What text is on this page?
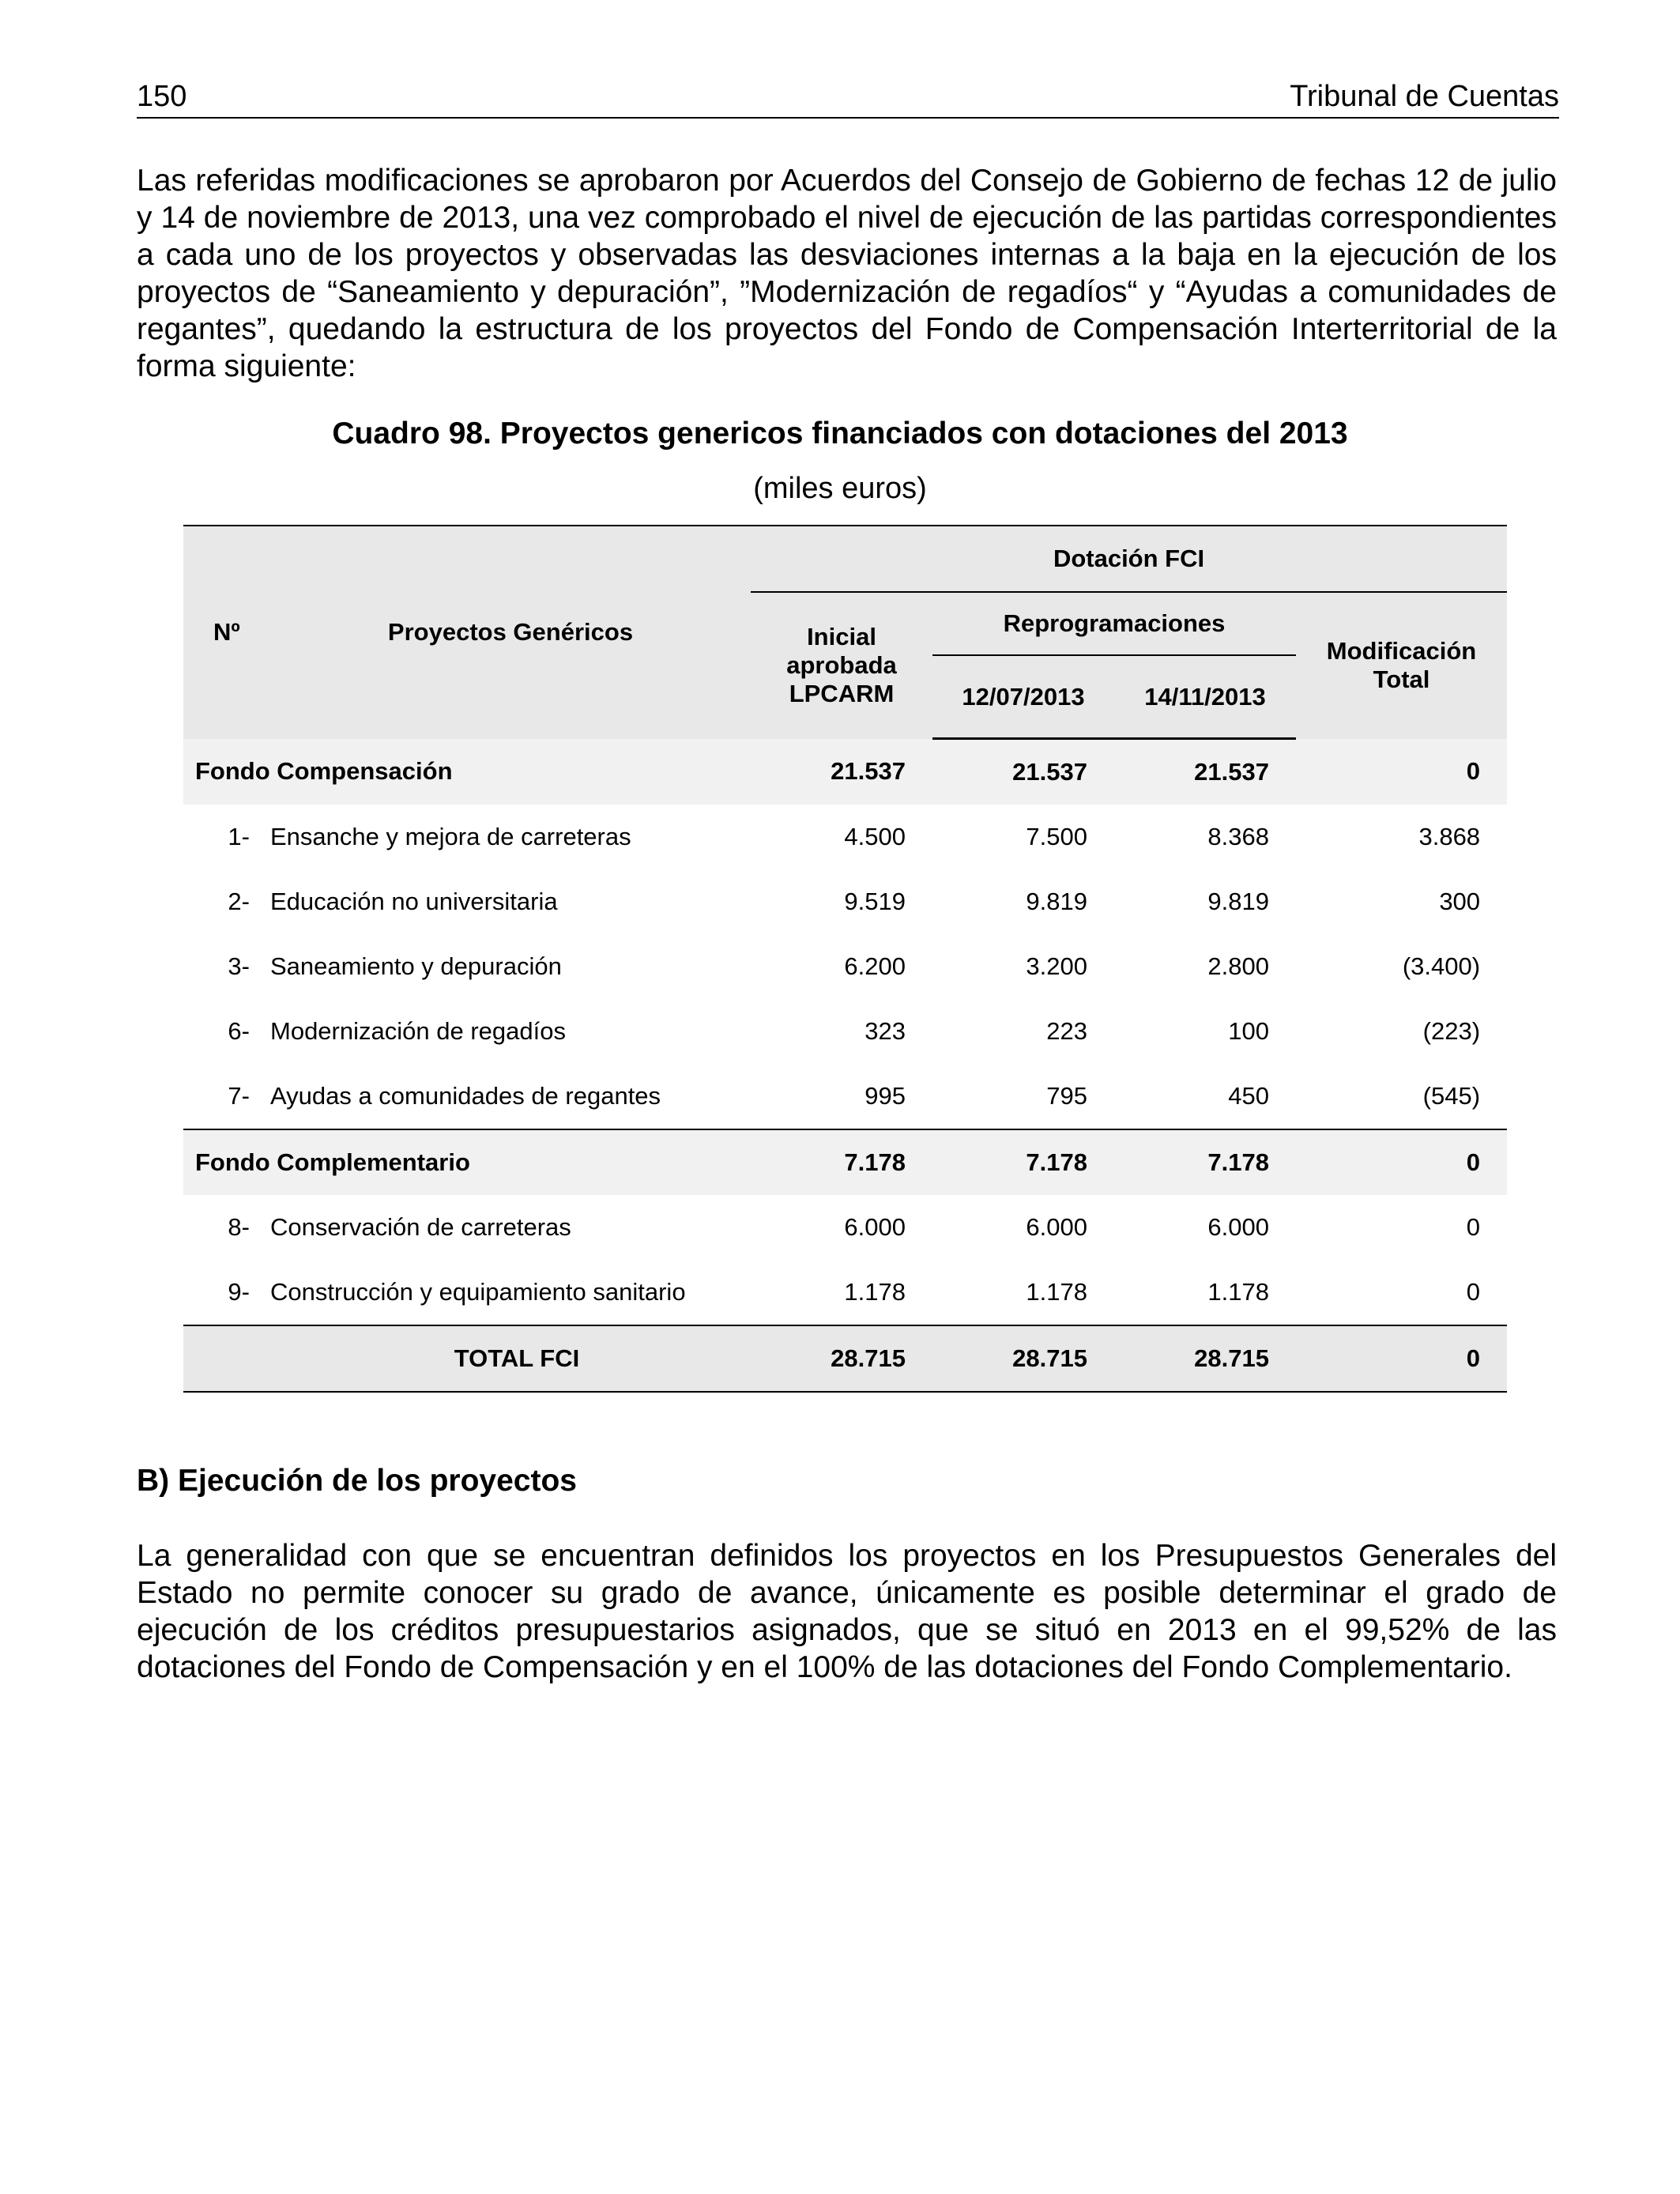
150	Tribunal de Cuentas

Las referidas modificaciones se aprobaron por Acuerdos del Consejo de Gobierno de fechas 12 de julio y 14 de noviembre de 2013, una vez comprobado el nivel de ejecución de las partidas correspondientes a cada uno de los proyectos y observadas las desviaciones internas a la baja en la ejecución de los proyectos de “Saneamiento y depuración”, ”Modernización de regadíos“ y “Ayudas a comunidades de regantes”, quedando la estructura de los proyectos del Fondo de Compensación Interterritorial de la forma siguiente:

Cuadro 98. Proyectos genericos financiados con dotaciones del 2013

(miles euros)

Nº	Proyectos Genéricos	Dotación FCI			
		Inicial aprobada LPCARM	Reprogramaciones		Modificación Total
			12/07/2013	14/11/2013	
Fondo Compensación		21.537	21.537	21.537	0
1-	Ensanche y mejora de carreteras	4.500	7.500	8.368	3.868
2-	Educación no universitaria	9.519	9.819	9.819	300
3-	Saneamiento y depuración	6.200	3.200	2.800	(3.400)
6-	Modernización de regadíos	323	223	100	(223)
7-	Ayudas a comunidades de regantes	995	795	450	(545)
Fondo Complementario		7.178	7.178	7.178	0
8-	Conservación de carreteras	6.000	6.000	6.000	0
9-	Construcción y equipamiento sanitario	1.178	1.178	1.178	0
TOTAL FCI		28.715	28.715	28.715	0
B) Ejecución de los proyectos

La generalidad con que se encuentran definidos los proyectos en los Presupuestos Generales del Estado no permite conocer su grado de avance, únicamente es posible determinar el grado de ejecución de los créditos presupuestarios asignados, que se situó en 2013 en el 99,52% de las dotaciones del Fondo de Compensación y en el 100% de las dotaciones del Fondo Complementario.
